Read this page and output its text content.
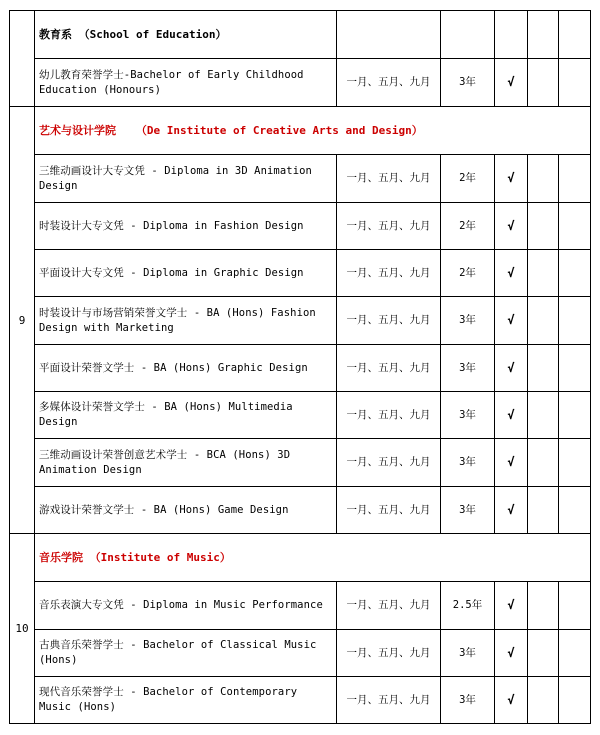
	教育系 （School of Education）					
	幼儿教育荣誉学士-Bachelor of Early Childhood Education (Honours)	一月、五月、九月	3年	√		
9	艺术与设计学院 （De Institute of Creative Arts and Design）					
	三维动画设计大专文凭 - Diploma in 3D Animation Design	一月、五月、九月	2年	√		
	时装设计大专文凭 - Diploma in Fashion Design	一月、五月、九月	2年	√		
	平面设计大专文凭 - Diploma in Graphic Design	一月、五月、九月	2年	√		
	时装设计与市场营销荣誉文学士 - BA (Hons) Fashion Design with Marketing	一月、五月、九月	3年	√		
	平面设计荣誉文学士 - BA (Hons) Graphic Design	一月、五月、九月	3年	√		
	多媒体设计荣誉文学士 - BA (Hons) Multimedia Design	一月、五月、九月	3年	√		
	三维动画设计荣誉创意艺术学士 - BCA (Hons) 3D Animation Design	一月、五月、九月	3年	√		
	游戏设计荣誉文学士 - BA (Hons) Game Design	一月、五月、九月	3年	√		
10	音乐学院 （Institute of Music）					
	音乐表演大专文凭 - Diploma in Music Performance	一月、五月、九月	2.5年	√		
	古典音乐荣誉学士 - Bachelor of Classical Music (Hons)	一月、五月、九月	3年	√		
	现代音乐荣誉学士 - Bachelor of Contemporary Music (Hons)	一月、五月、九月	3年	√		
